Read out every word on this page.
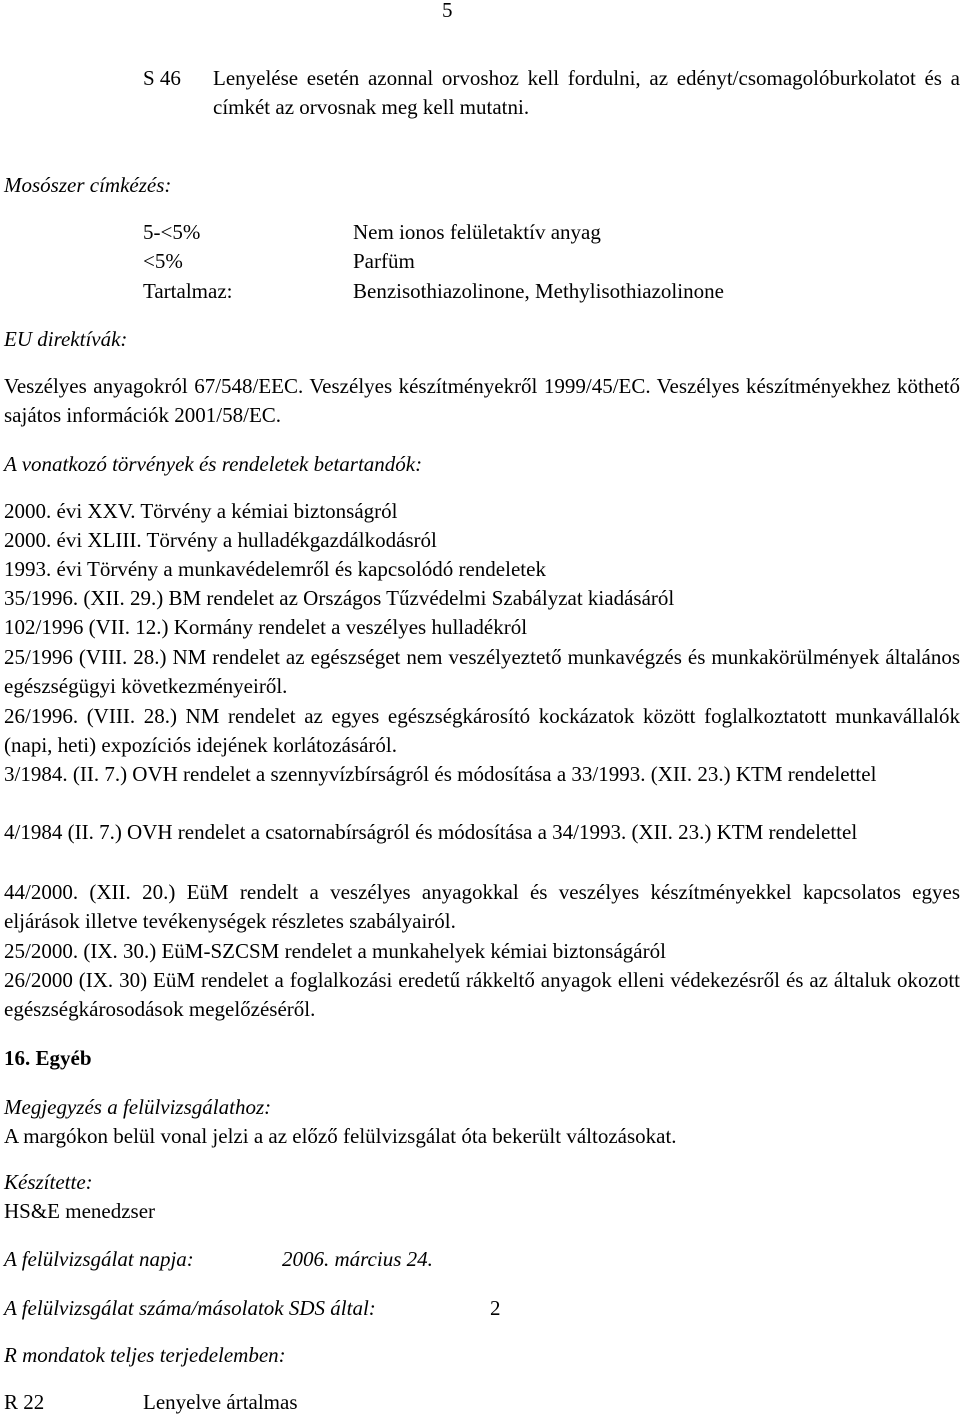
5
S 46 Lenyelése esetén azonnal orvoshoz kell fordulni, az edényt/csomagolóburkolatot és a címkét az orvosnak meg kell mutatni.
Mosószer címkézés:
5-<5%	Nem ionos felületaktív anyag
<5%	Parfüm
Tartalmaz:	Benzisothiazolinone, Methylisothiazolinone
EU direktívák:
Veszélyes anyagokról 67/548/EEC. Veszélyes készítményekről 1999/45/EC. Veszélyes készítményekhez köthető sajátos információk 2001/58/EC.
A vonatkozó törvények és rendeletek betartandók:
2000. évi XXV. Törvény a kémiai biztonságról
2000. évi XLIII. Törvény a hulladékgazdálkodásról
1993. évi Törvény a munkavédelemről és kapcsolódó rendeletek
35/1996. (XII. 29.) BM rendelet az Országos Tűzvédelmi Szabályzat kiadásáról
102/1996 (VII. 12.) Kormány rendelet a veszélyes hulladékról
25/1996 (VIII. 28.) NM rendelet az egészséget nem veszélyeztető munkavégzés és munkakörülmények általános egészségügyi következményeiről.
26/1996. (VIII. 28.) NM rendelet az egyes egészségkárosító kockázatok között foglalkoztatott munkavállalók (napi, heti) expozíciós idejének korlátozásáról.
3/1984. (II. 7.) OVH rendelet a szennyvízbírságról és módosítása a 33/1993. (XII. 23.) KTM rendelettel
4/1984 (II. 7.) OVH rendelet a csatornabírságról és módosítása a 34/1993. (XII. 23.) KTM rendelettel
44/2000. (XII. 20.) EüM rendelt a veszélyes anyagokkal és veszélyes készítményekkel kapcsolatos egyes eljárások illetve tevékenységek részletes szabályairól.
25/2000. (IX. 30.) EüM-SZCSM rendelet a munkahelyek kémiai biztonságáról
26/2000 (IX. 30) EüM rendelet a foglalkozási eredetű rákkeltő anyagok elleni védekezésről és az általuk okozott egészségkárosodások megelőzéséről.
16. Egyéb
Megjegyzés a felülvizsgálathoz:
A margókon belül vonal jelzi a az előző felülvizsgálat óta bekerült változásokat.
Készítette:
HS&E menedzser
A felülvizsgálat napja:	2006. március 24.
A felülvizsgálat száma/másolatok SDS által:	2
R mondatok teljes terjedelemben:
R 22	Lenyelve ártalmas
